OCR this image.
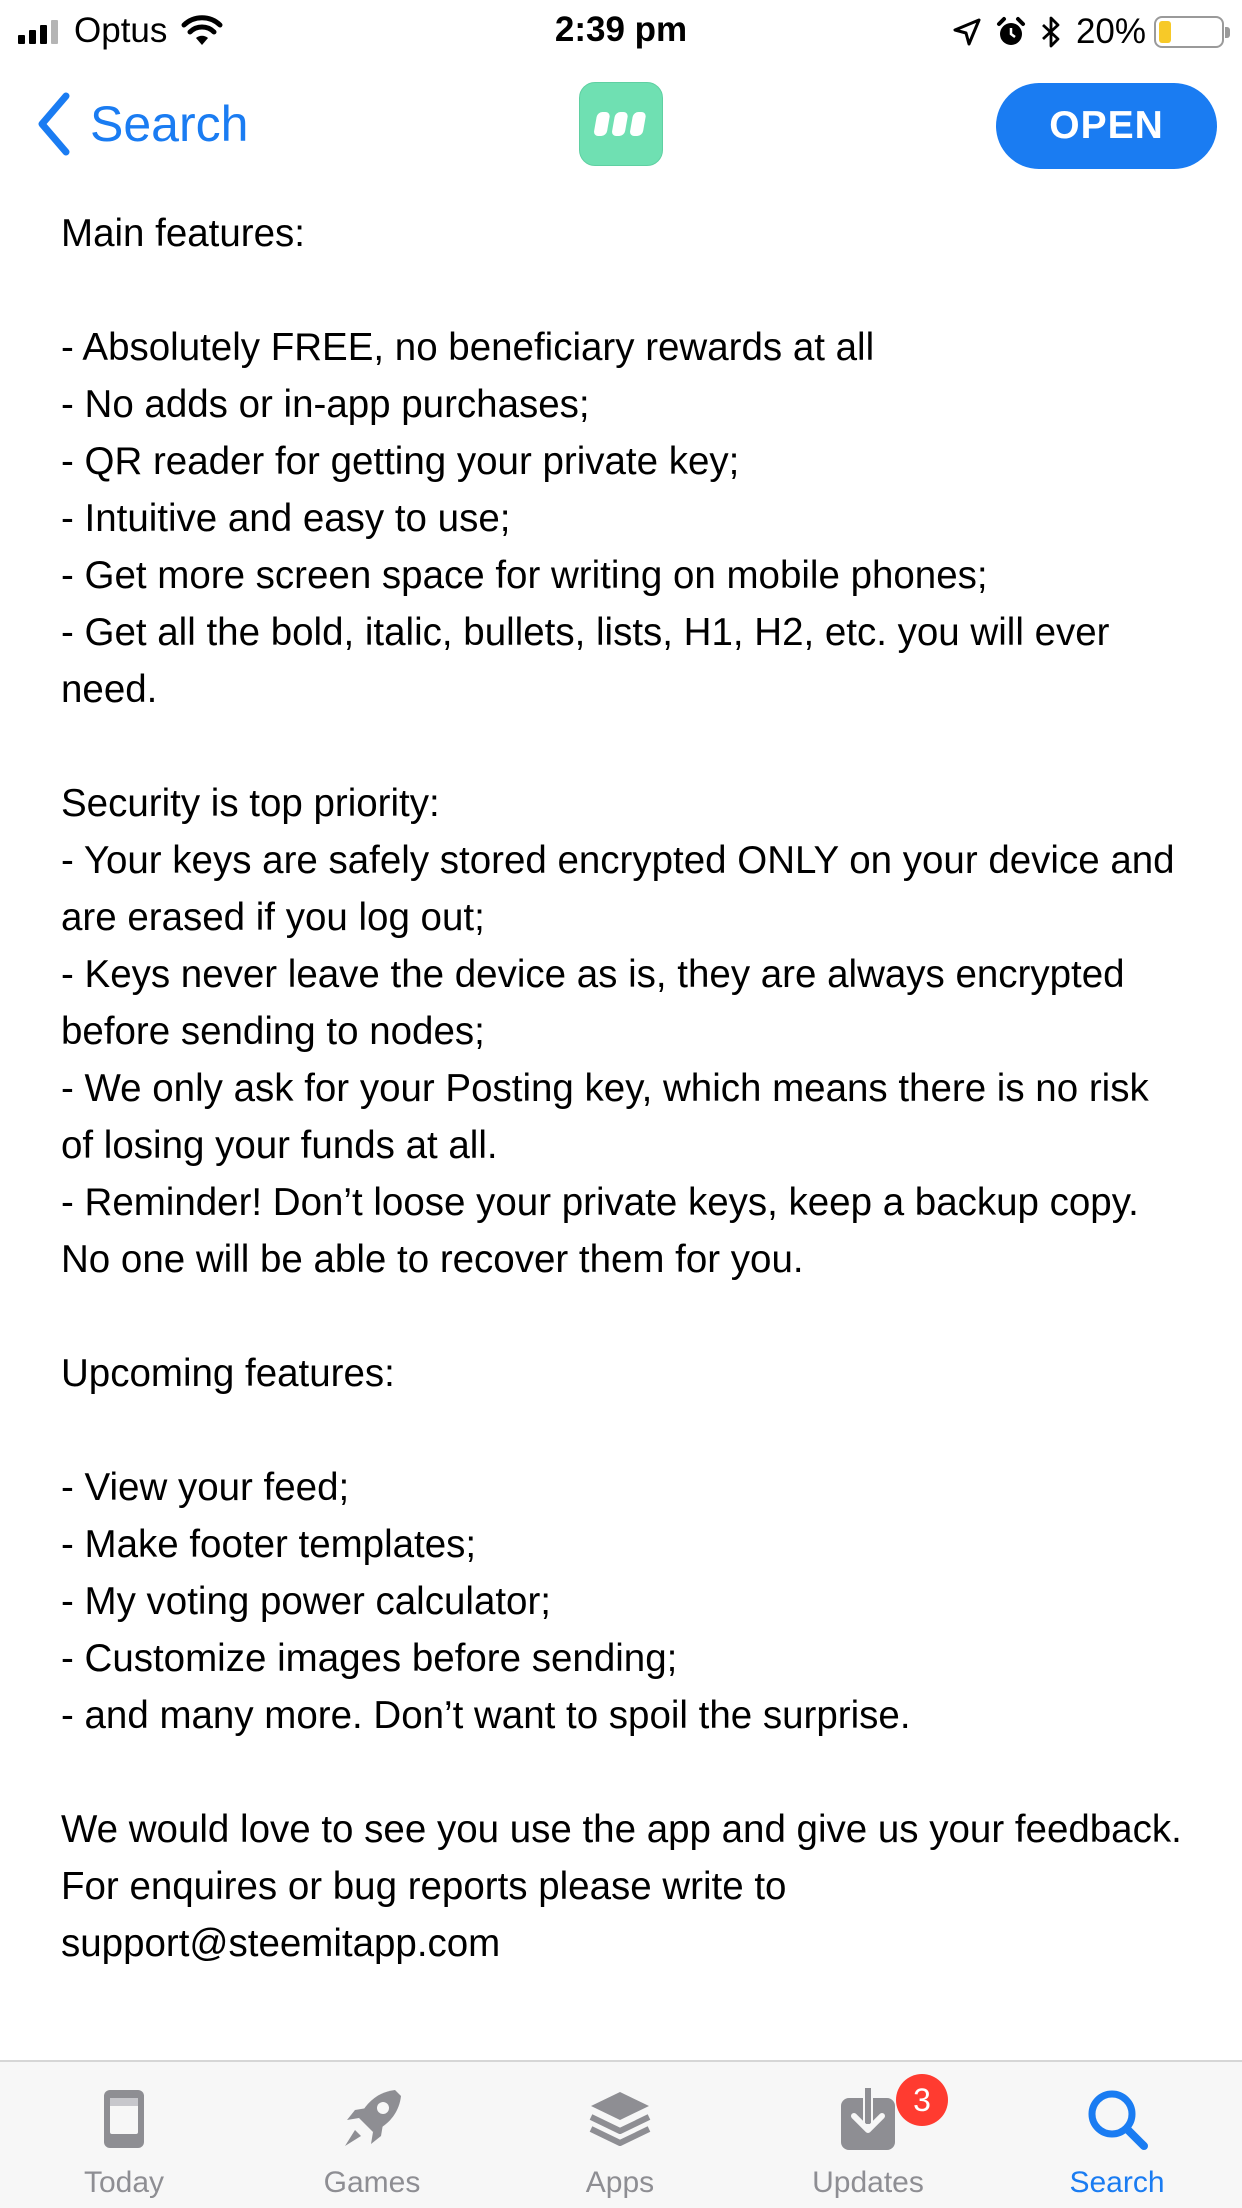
Optus	2:39 pm	20%
Search	OPEN
Main features:
- Absolutely FREE, no beneficiary rewards at all
- No adds or in-app purchases;
- QR reader for getting your private key;
- Intuitive and easy to use;
- Get more screen space for writing on mobile phones;
- Get all the bold, italic, bullets, lists, H1, H2, etc. you will ever need.
Security is top priority:
- Your keys are safely stored encrypted ONLY on your device and are erased if you log out;
- Keys never leave the device as is, they are always encrypted before sending to nodes;
- We only ask for your Posting key, which means there is no risk of losing your funds at all.
- Reminder! Don’t loose your private keys, keep a backup copy. No one will be able to recover them for you.
Upcoming features:
- View your feed;
- Make footer templates;
- My voting power calculator;
- Customize images before sending;
- and many more. Don’t want to spoil the surprise.
We would love to see you use the app and give us your feedback.
For enquires or bug reports please write to support@steemitapp.com
Today	Games	Apps
3
Updates	Search
